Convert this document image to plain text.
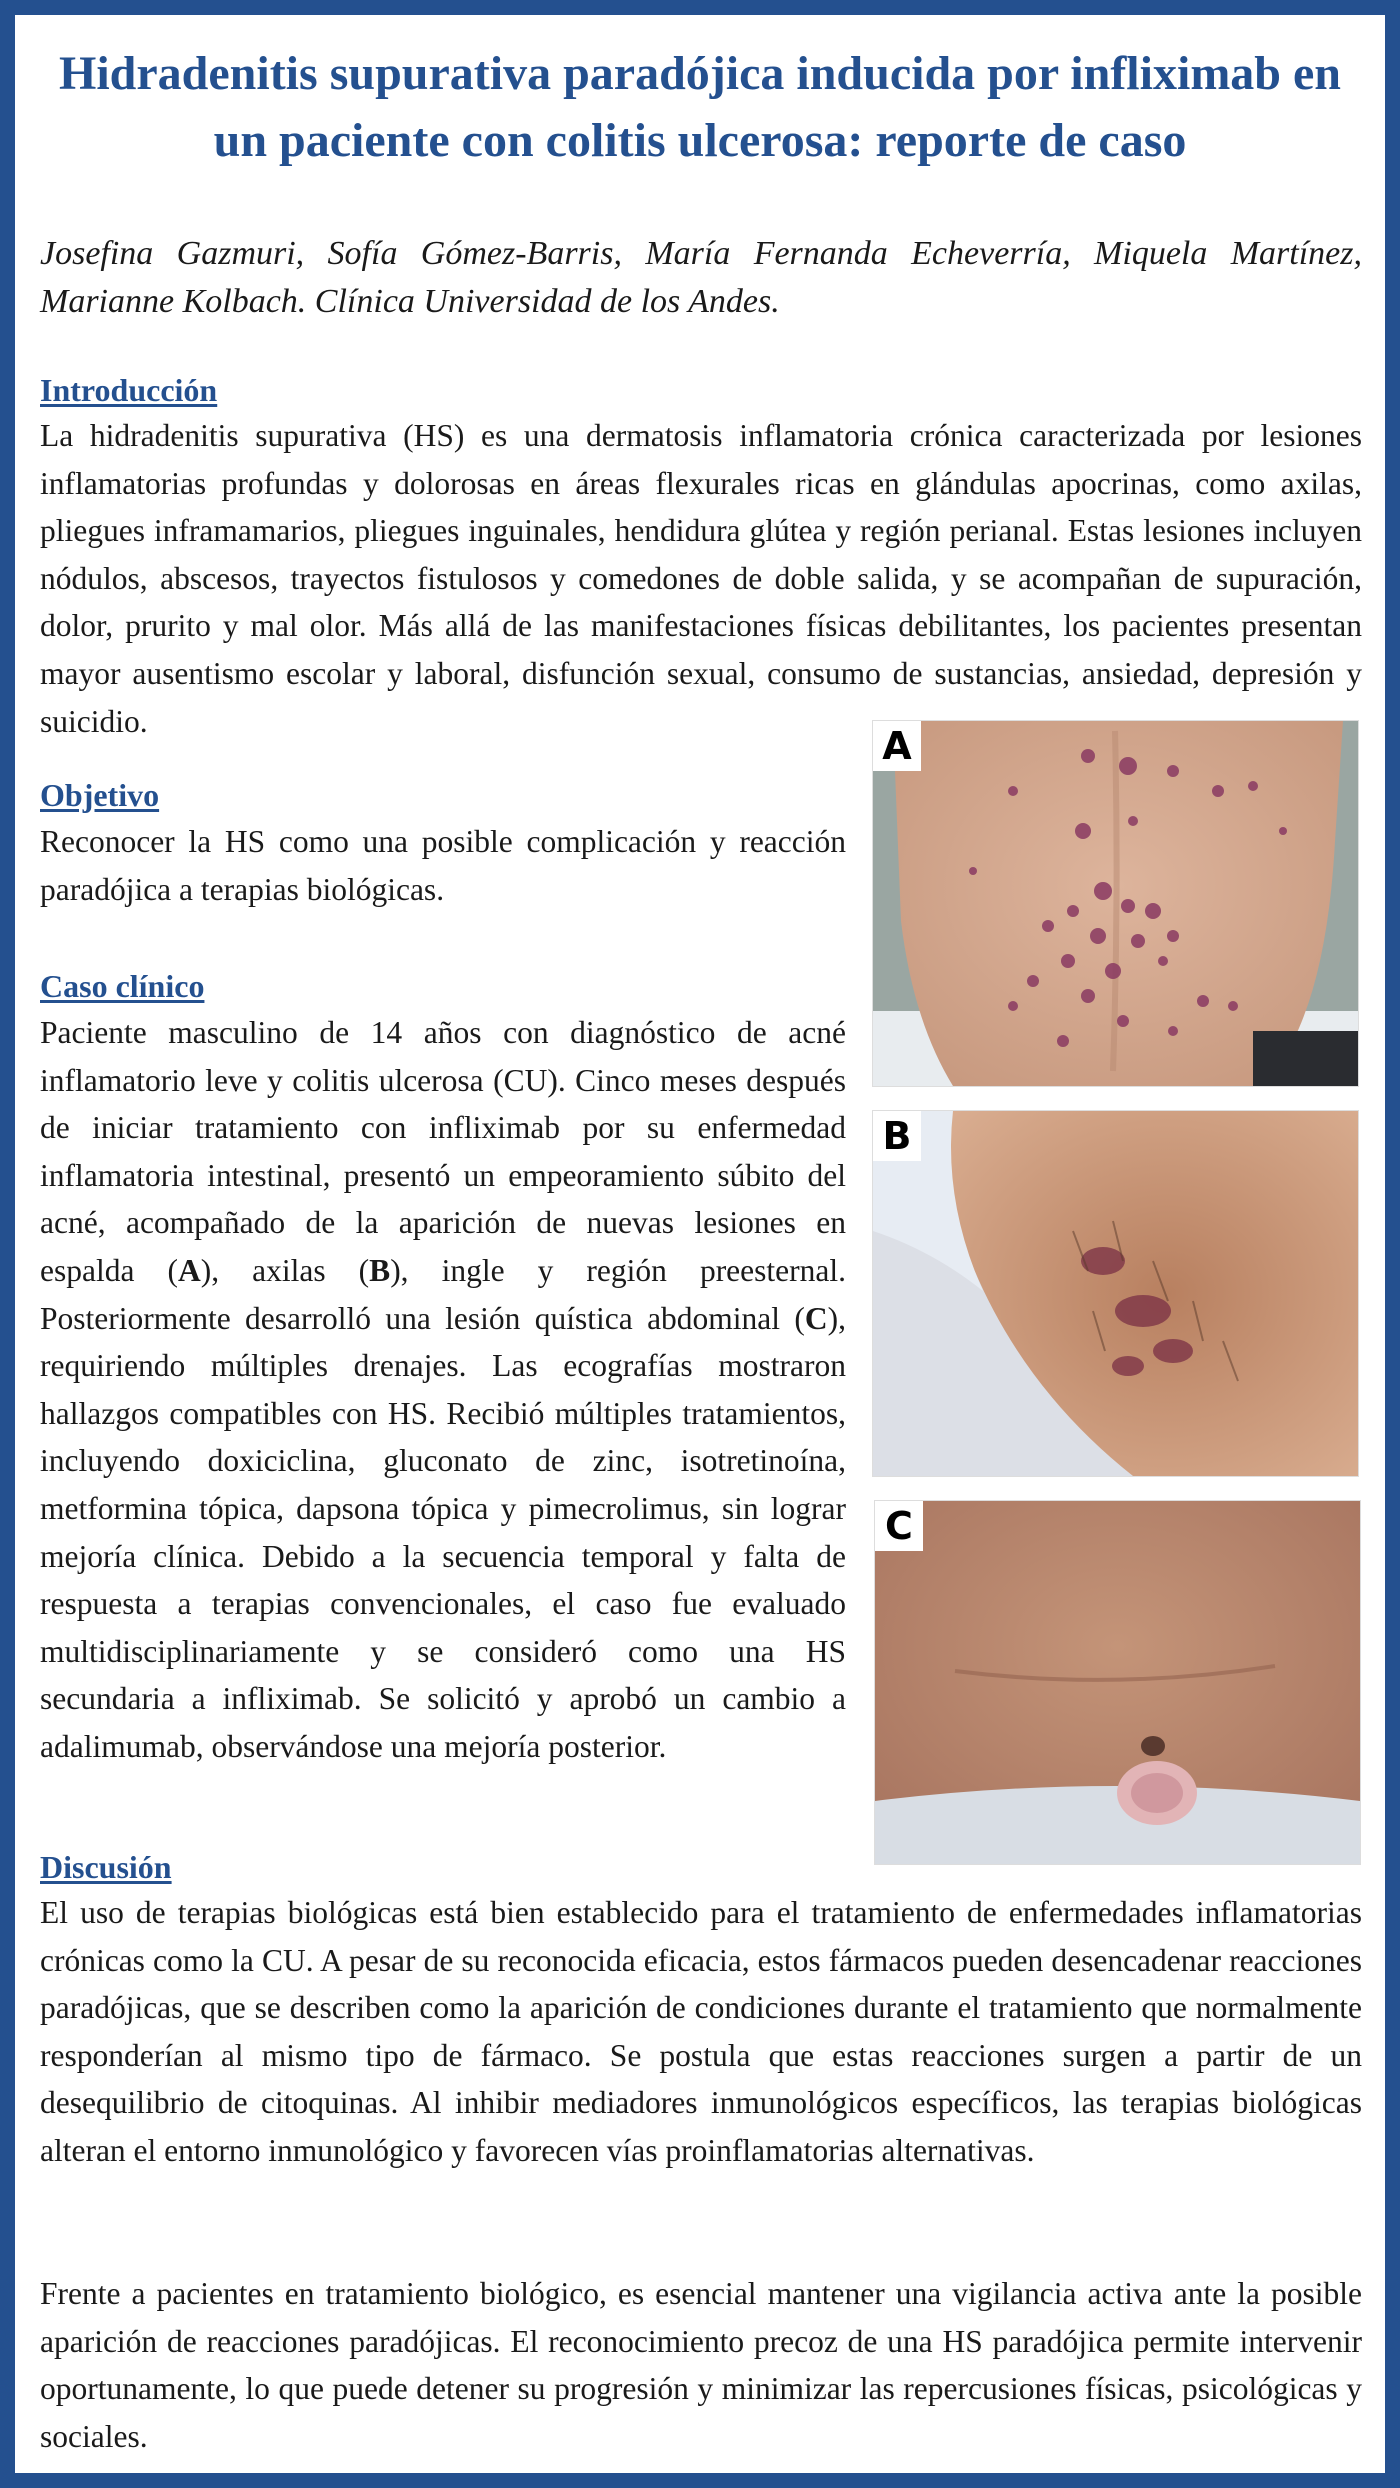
Hidradenitis supurativa paradójica inducida por infliximab en un paciente con colitis ulcerosa: reporte de caso
Josefina Gazmuri, Sofía Gómez-Barris, María Fernanda Echeverría, Miquela Martínez, Marianne Kolbach. Clínica Universidad de los Andes.
Introducción

La hidradenitis supurativa (HS) es una dermatosis inflamatoria crónica caracterizada por lesiones inflamatorias profundas y dolorosas en áreas flexurales ricas en glándulas apocrinas, como axilas, pliegues inframamarios, pliegues inguinales, hendidura glútea y región perianal. Estas lesiones incluyen nódulos, abscesos, trayectos fistulosos y comedones de doble salida, y se acompañan de supuración, dolor, prurito y mal olor. Más allá de las manifestaciones físicas debilitantes, los pacientes presentan mayor ausentismo escolar y laboral, disfunción sexual, consumo de sustancias, ansiedad, depresión y suicidio.

Objetivo

Reconocer la HS como una posible complicación y reacción paradójica a terapias biológicas.

Caso clínico

Paciente masculino de 14 años con diagnóstico de acné inflamatorio leve y colitis ulcerosa (CU). Cinco meses después de iniciar tratamiento con infliximab por su enfermedad inflamatoria intestinal, presentó un empeoramiento súbito del acné, acompañado de la aparición de nuevas lesiones en espalda (A), axilas (B), ingle y región preesternal. Posteriormente desarrolló una lesión quística abdominal (C), requiriendo múltiples drenajes. Las ecografías mostraron hallazgos compatibles con HS. Recibió múltiples tratamientos, incluyendo doxiciclina, gluconato de zinc, isotretinoína, metformina tópica, dapsona tópica y pimecrolimus, sin lograr mejoría clínica. Debido a la secuencia temporal y falta de respuesta a terapias convencionales, el caso fue evaluado multidisciplinariamente y se consideró como una HS secundaria a infliximab. Se solicitó y aprobó un cambio a adalimumab, observándose una mejoría posterior.

Discusión

El uso de terapias biológicas está bien establecido para el tratamiento de enfermedades inflamatorias crónicas como la CU. A pesar de su reconocida eficacia, estos fármacos pueden desencadenar reacciones paradójicas, que se describen como la aparición de condiciones durante el tratamiento que normalmente responderían al mismo tipo de fármaco. Se postula que estas reacciones surgen a partir de un desequilibrio de citoquinas. Al inhibir mediadores inmunológicos específicos, las terapias biológicas alteran el entorno inmunológico y favorecen vías proinflamatorias alternativas.

Frente a pacientes en tratamiento biológico, es esencial mantener una vigilancia activa ante la posible aparición de reacciones paradójicas. El reconocimiento precoz de una HS paradójica permite intervenir oportunamente, lo que puede detener su progresión y minimizar las repercusiones físicas, psicológicas y sociales.

A
B
C
